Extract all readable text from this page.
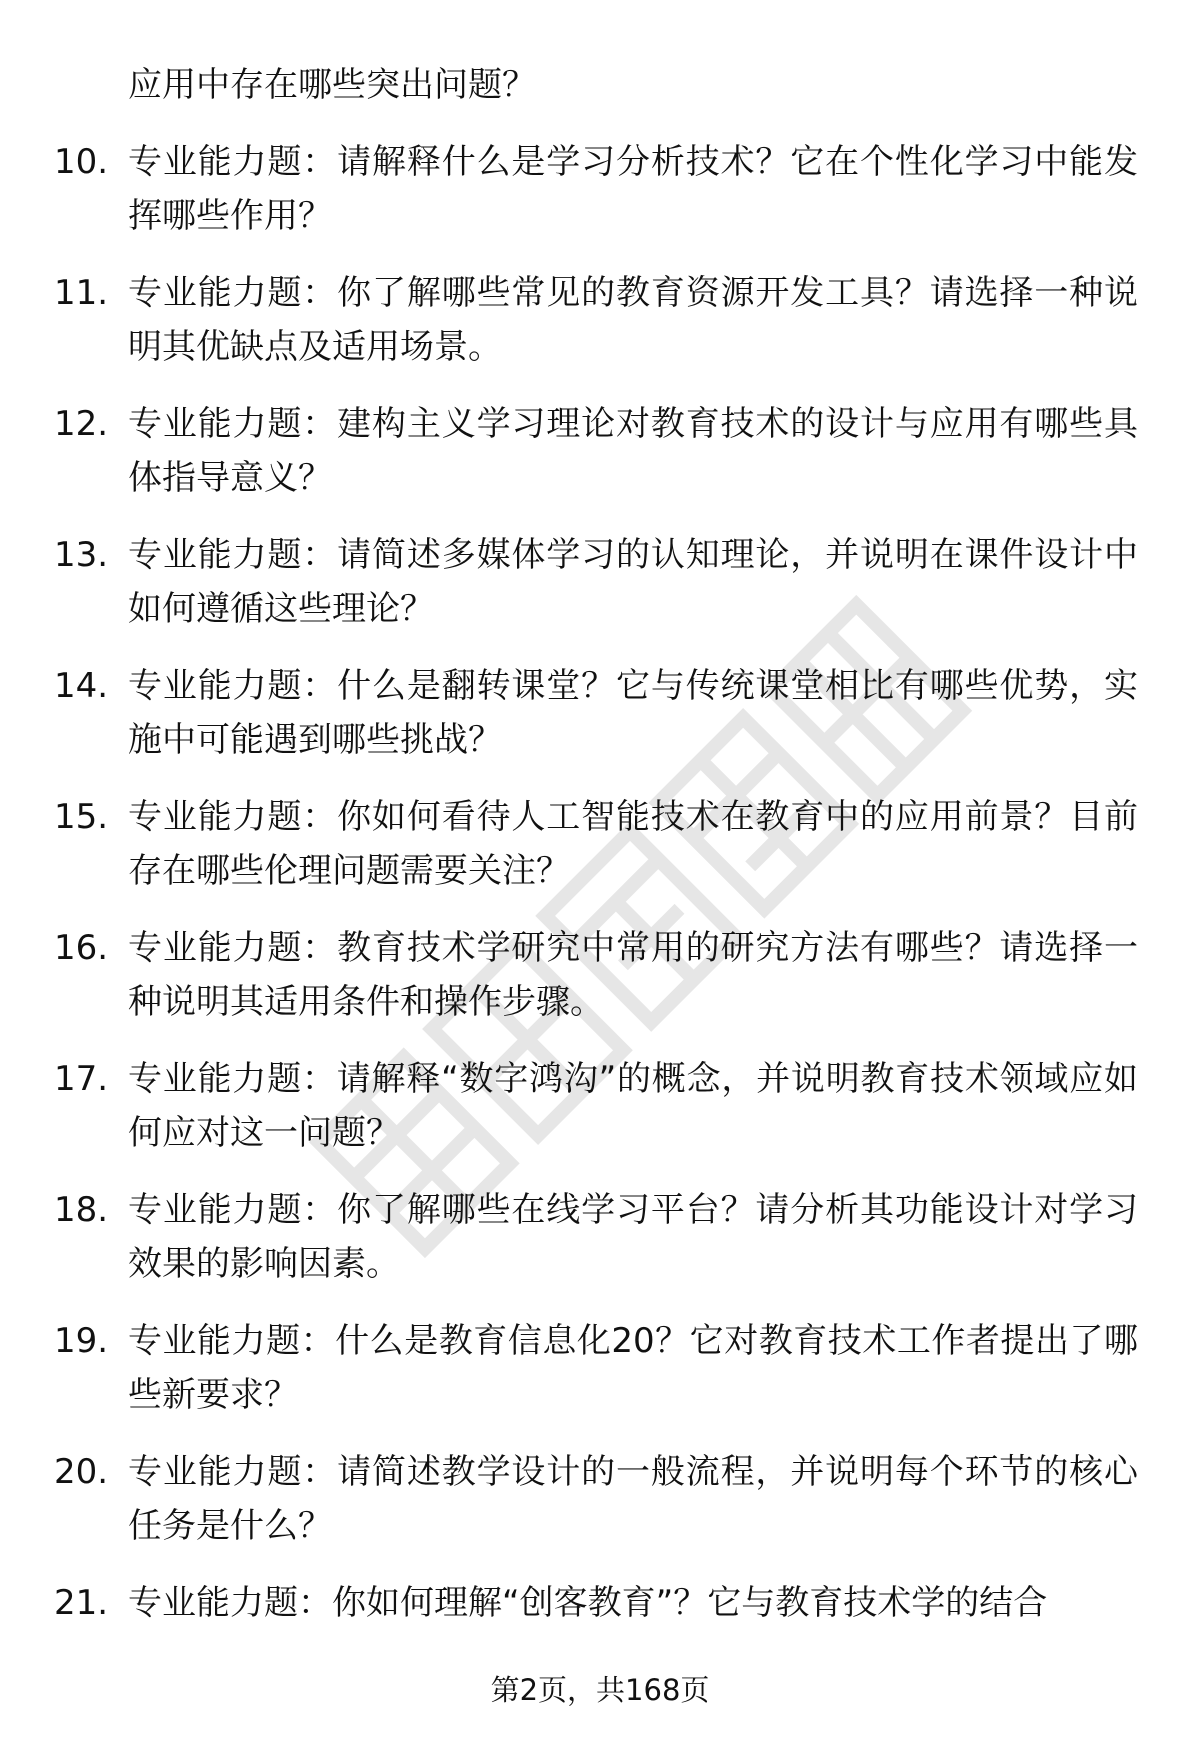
应用中存在哪些突出问题？

10. 专业能力题：请解释什么是学习分析技术？它在个性化学习中能发挥哪些作用？
11. 专业能力题：你了解哪些常见的教育资源开发工具？请选择一种说明其优缺点及适用场景。
12. 专业能力题：建构主义学习理论对教育技术的设计与应用有哪些具体指导意义？
13. 专业能力题：请简述多媒体学习的认知理论，并说明在课件设计中如何遵循这些理论？
14. 专业能力题：什么是翻转课堂？它与传统课堂相比有哪些优势，实施中可能遇到哪些挑战？
15. 专业能力题：你如何看待人工智能技术在教育中的应用前景？目前存在哪些伦理问题需要关注？
16. 专业能力题：教育技术学研究中常用的研究方法有哪些？请选择一种说明其适用条件和操作步骤。
17. 专业能力题：请解释“数字鸿沟”的概念，并说明教育技术领域应如何应对这一问题？
18. 专业能力题：你了解哪些在线学习平台？请分析其功能设计对学习效果的影响因素。
19. 专业能力题：什么是教育信息化20？它对教育技术工作者提出了哪些新要求？
20. 专业能力题：请简述教学设计的一般流程，并说明每个环节的核心任务是什么？
21. 专业能力题：你如何理解“创客教育”？它与教育技术学的结合
第2页，共168页
